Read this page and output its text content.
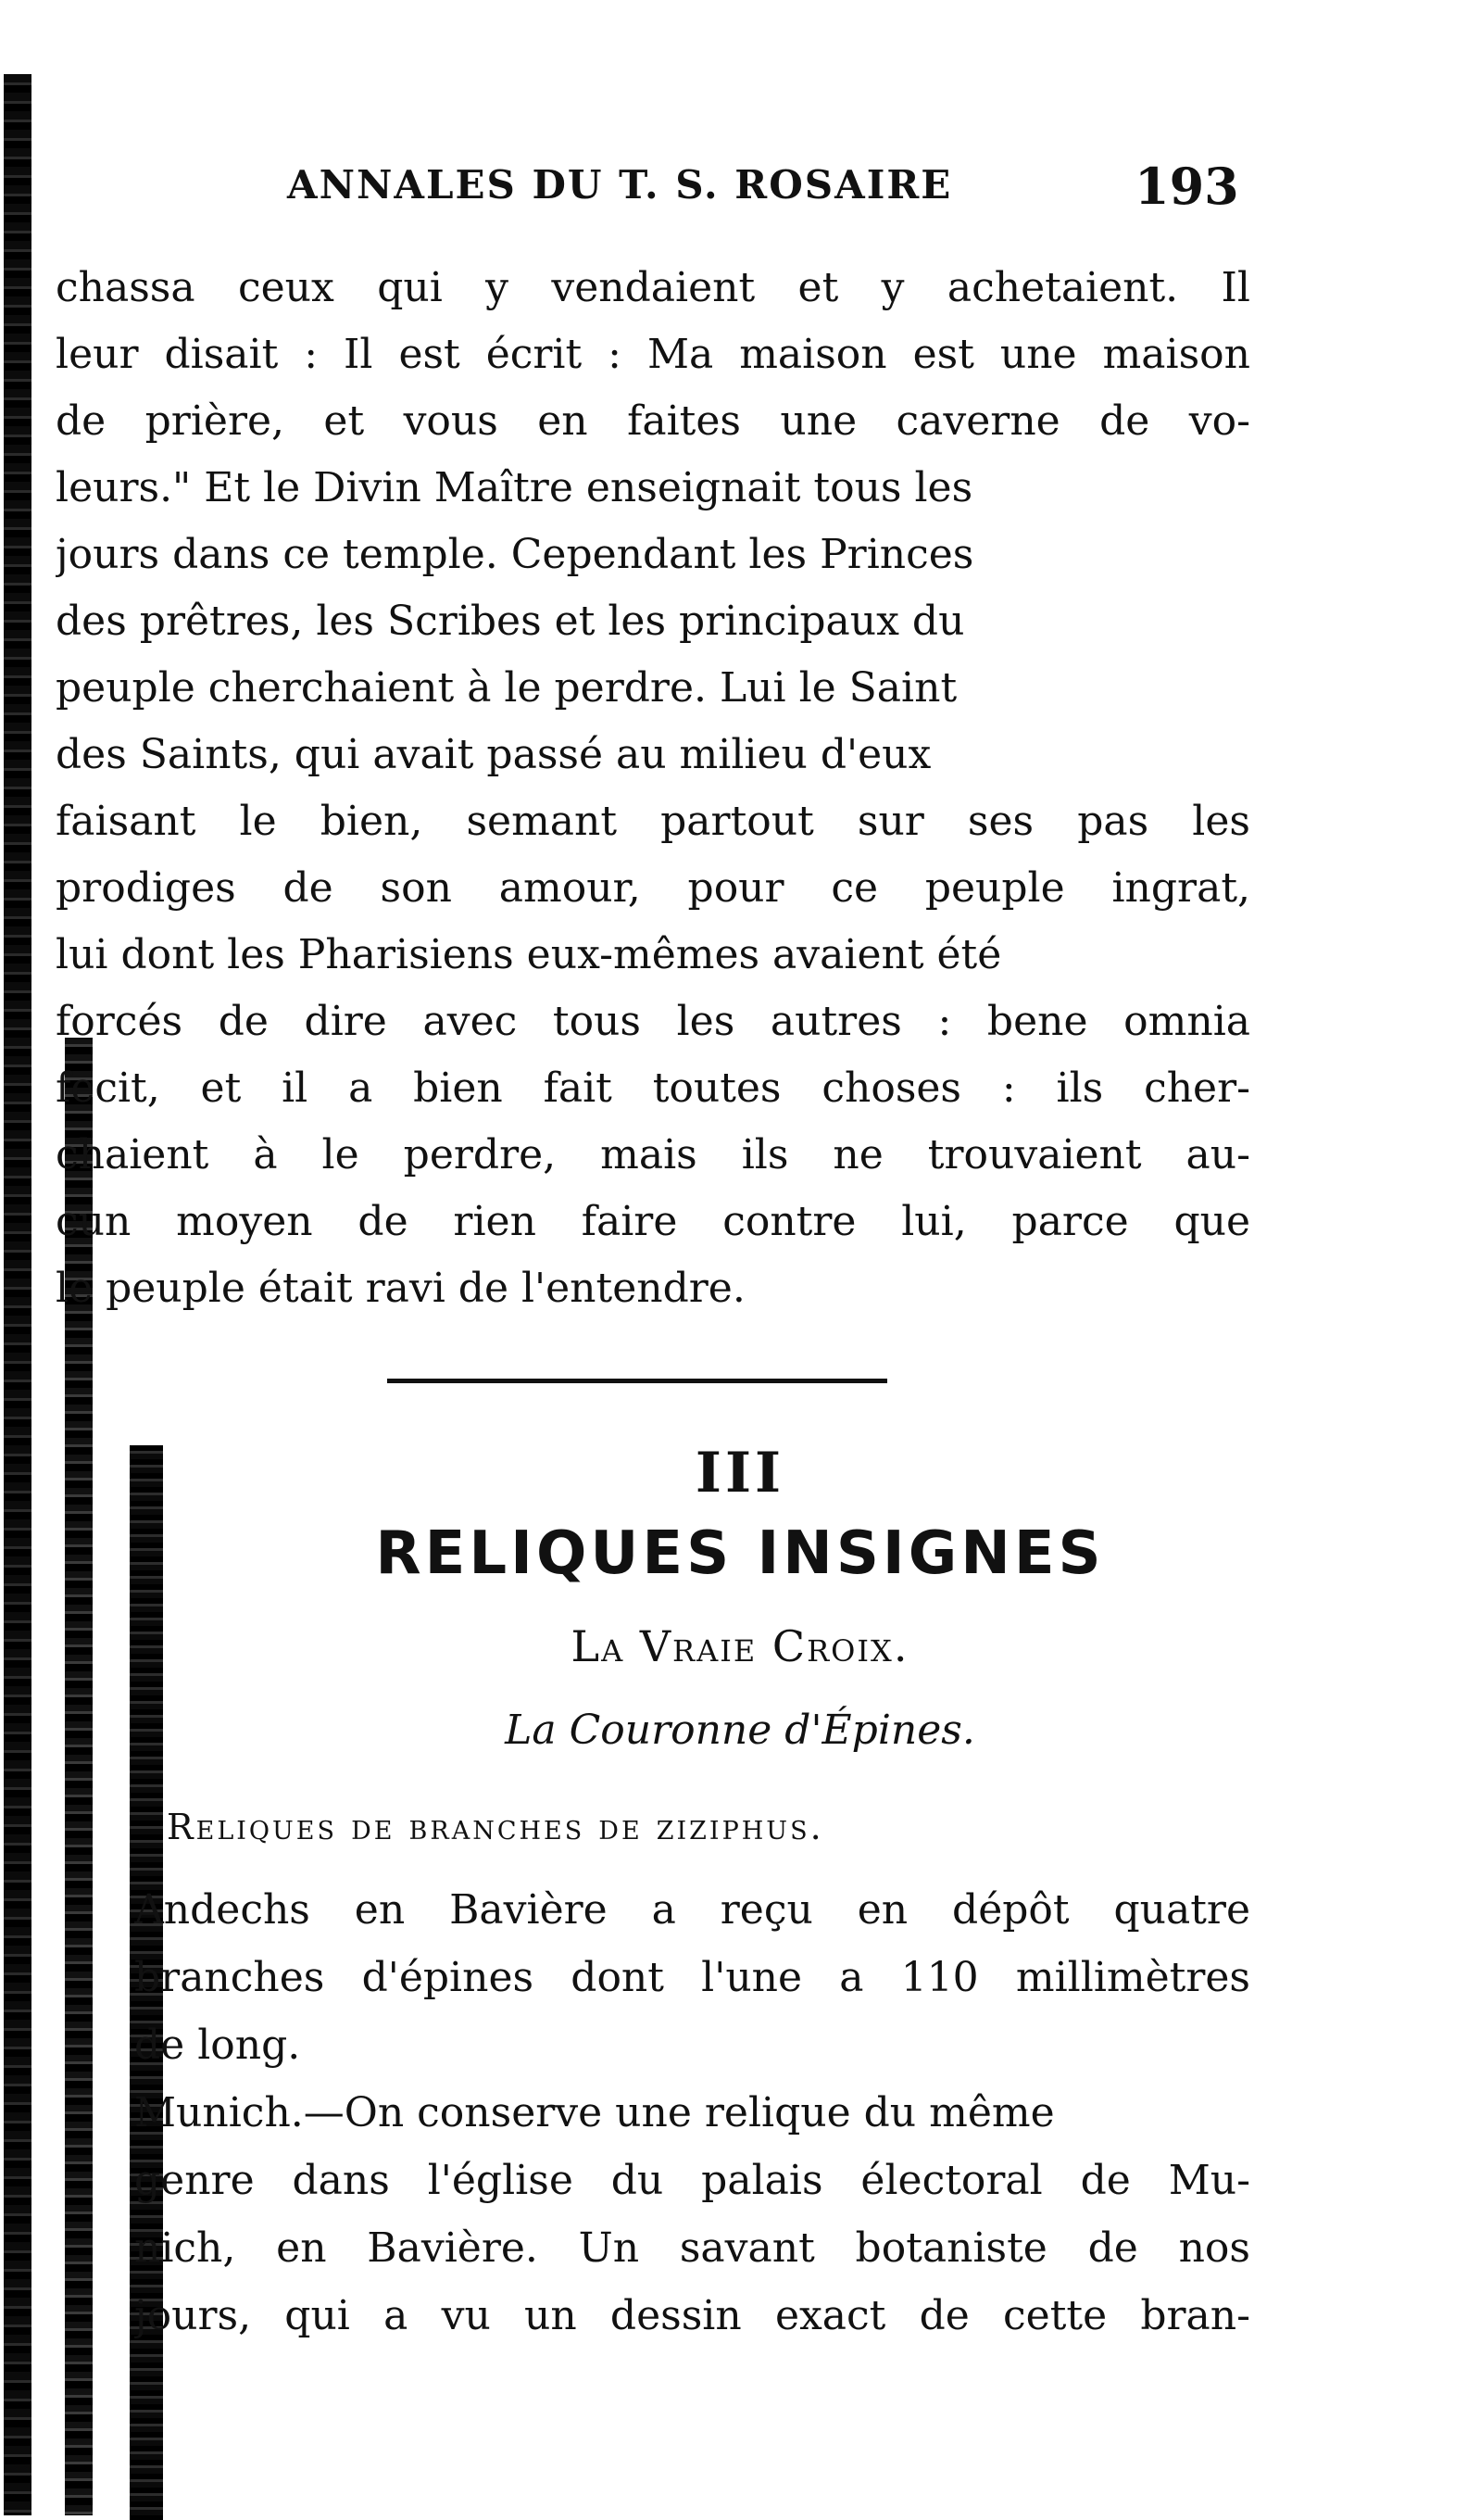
ANNALES DU T. S. ROSAIRE	193
chassa ceux qui y vendaient et y achetaient. Il
leur disait : Il est écrit : Ma maison est une maison
de prière, et vous en faites une caverne de vo-
leurs." Et le Divin Maître enseignait tous les
jours dans ce temple. Cependant les Princes
des prêtres, les Scribes et les principaux du
peuple cherchaient à le perdre. Lui le Saint
des Saints, qui avait passé au milieu d'eux
faisant le bien, semant partout sur ses pas les
prodiges de son amour, pour ce peuple ingrat,
lui dont les Pharisiens eux-mêmes avaient été
forcés de dire avec tous les autres : bene omnia
fecit, et il a bien fait toutes choses : ils cher-
chaient à le perdre, mais ils ne trouvaient au-
cun moyen de rien faire contre lui, parce que
le peuple était ravi de l'entendre.
III
RELIQUES INSIGNES
La Vraie Croix.
La Couronne d'Épines.
Reliques de branches de ziziphus.
Andechs en Bavière a reçu en dépôt quatre
branches d'épines dont l'une a 110 millimètres
de long.
Munich.—On conserve une relique du même
genre dans l'église du palais électoral de Mu-
nich, en Bavière. Un savant botaniste de nos
jours, qui a vu un dessin exact de cette bran-
